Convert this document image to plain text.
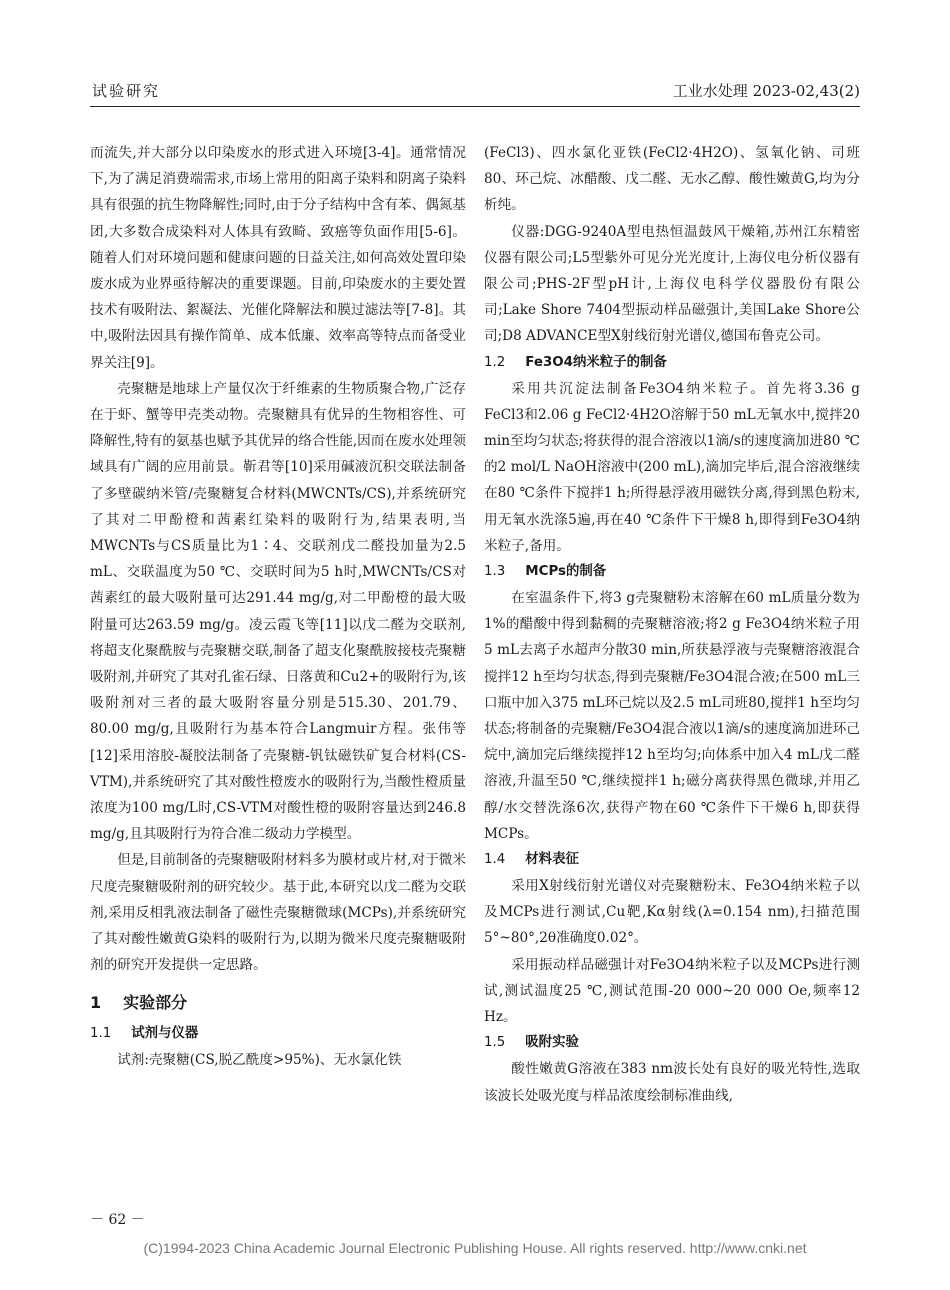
试验研究	工业水处理 2023-02,43(2)

而流失,并大部分以印染废水的形式进入环境[3-4]。通常情况下,为了满足消费端需求,市场上常用的阳离子染料和阴离子染料具有很强的抗生物降解性;同时,由于分子结构中含有苯、偶氮基团,大多数合成染料对人体具有致畸、致癌等负面作用[5-6]。随着人们对环境问题和健康问题的日益关注,如何高效处置印染废水成为业界亟待解决的重要课题。目前,印染废水的主要处置技术有吸附法、絮凝法、光催化降解法和膜过滤法等[7-8]。其中,吸附法因具有操作简单、成本低廉、效率高等特点而备受业界关注[9]。

壳聚糖是地球上产量仅次于纤维素的生物质聚合物,广泛存在于虾、蟹等甲壳类动物。壳聚糖具有优异的生物相容性、可降解性,特有的氨基也赋予其优异的络合性能,因而在废水处理领域具有广阔的应用前景。靳君等[10]采用碱液沉积交联法制备了多壁碳纳米管/壳聚糖复合材料(MWCNTs/CS),并系统研究了其对二甲酚橙和茜素红染料的吸附行为,结果表明,当MWCNTs与CS质量比为1∶4、交联剂戊二醛投加量为2.5 mL、交联温度为50 ℃、交联时间为5 h时,MWCNTs/CS对茜素红的最大吸附量可达291.44 mg/g,对二甲酚橙的最大吸附量可达263.59 mg/g。凌云霞飞等[11]以戊二醛为交联剂,将超支化聚酰胺与壳聚糖交联,制备了超支化聚酰胺接枝壳聚糖吸附剂,并研究了其对孔雀石绿、日落黄和Cu2+的吸附行为,该吸附剂对三者的最大吸附容量分别是515.30、201.79、80.00 mg/g,且吸附行为基本符合Langmuir方程。张伟等[12]采用溶胶-凝胶法制备了壳聚糖-钒钛磁铁矿复合材料(CS-VTM),并系统研究了其对酸性橙废水的吸附行为,当酸性橙质量浓度为100 mg/L时,CS-VTM对酸性橙的吸附容量达到246.8 mg/g,且其吸附行为符合准二级动力学模型。

但是,目前制备的壳聚糖吸附材料多为膜材或片材,对于微米尺度壳聚糖吸附剂的研究较少。基于此,本研究以戊二醛为交联剂,采用反相乳液法制备了磁性壳聚糖微球(MCPs),并系统研究了其对酸性嫩黄G染料的吸附行为,以期为微米尺度壳聚糖吸附剂的研究开发提供一定思路。

1 实验部分
1.1 试剂与仪器

试剂:壳聚糖(CS,脱乙酰度>95%)、无水氯化铁

(FeCl3)、四水氯化亚铁(FeCl2·4H2O)、氢氧化钠、司班80、环己烷、冰醋酸、戊二醛、无水乙醇、酸性嫩黄G,均为分析纯。

仪器:DGG-9240A型电热恒温鼓风干燥箱,苏州江东精密仪器有限公司;L5型紫外可见分光光度计,上海仪电分析仪器有限公司;PHS-2F型pH计,上海仪电科学仪器股份有限公司;Lake Shore 7404型振动样品磁强计,美国Lake Shore公司;D8 ADVANCE型X射线衍射光谱仪,德国布鲁克公司。

1.2 Fe3O4纳米粒子的制备

采用共沉淀法制备Fe3O4纳米粒子。首先将3.36 g FeCl3和2.06 g FeCl2·4H2O溶解于50 mL无氧水中,搅拌20 min至均匀状态;将获得的混合溶液以1滴/s的速度滴加进80 ℃的2 mol/L NaOH溶液中(200 mL),滴加完毕后,混合溶液继续在80 ℃条件下搅拌1 h;所得悬浮液用磁铁分离,得到黑色粉末,用无氧水洗涤5遍,再在40 ℃条件下干燥8 h,即得到Fe3O4纳米粒子,备用。

1.3 MCPs的制备

在室温条件下,将3 g壳聚糖粉末溶解在60 mL质量分数为1%的醋酸中得到黏稠的壳聚糖溶液;将2 g Fe3O4纳米粒子用5 mL去离子水超声分散30 min,所获悬浮液与壳聚糖溶液混合搅拌12 h至均匀状态,得到壳聚糖/Fe3O4混合液;在500 mL三口瓶中加入375 mL环己烷以及2.5 mL司班80,搅拌1 h至均匀状态;将制备的壳聚糖/Fe3O4混合液以1滴/s的速度滴加进环己烷中,滴加完后继续搅拌12 h至均匀;向体系中加入4 mL戊二醛溶液,升温至50 ℃,继续搅拌1 h;磁分离获得黑色微球,并用乙醇/水交替洗涤6次,获得产物在60 ℃条件下干燥6 h,即获得MCPs。

1.4 材料表征

采用X射线衍射光谱仪对壳聚糖粉末、Fe3O4纳米粒子以及MCPs进行测试,Cu靶,Kα射线(λ=0.154 nm),扫描范围5°~80°,2θ准确度0.02°。

采用振动样品磁强计对Fe3O4纳米粒子以及MCPs进行测试,测试温度25 ℃,测试范围-20 000~20 000 Oe,频率12 Hz。

1.5 吸附实验

酸性嫩黄G溶液在383 nm波长处有良好的吸光特性,选取该波长处吸光度与样品浓度绘制标准曲线,

－ 62 －
(C)1994-2023 China Academic Journal Electronic Publishing House. All rights reserved. http://www.cnki.net
